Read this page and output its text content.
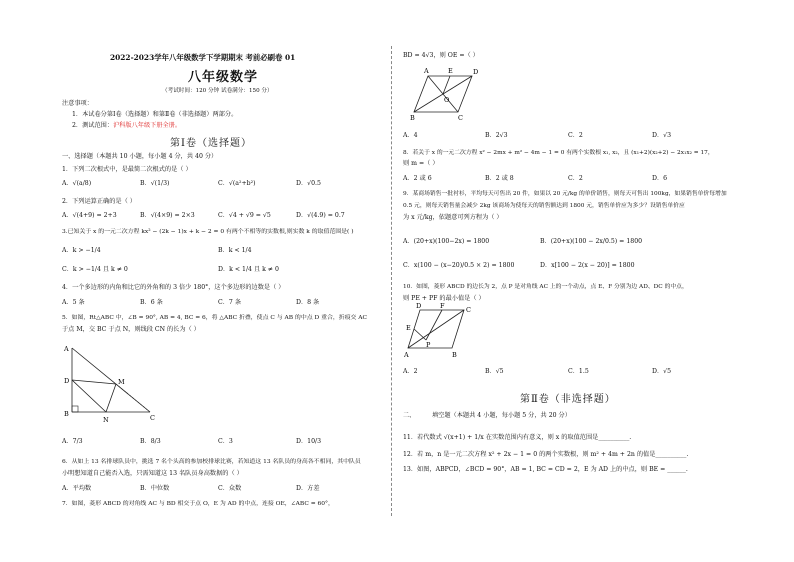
2022-2023学年八年级数学下学期期末 考前必刷卷 01
八年级数学
（考试时间：120 分钟 试卷满分：150 分）
注意事项：
1．本试卷分第Ⅰ卷（选择题）和第Ⅱ卷（非选择题）两部分。
2．测试范围：沪科版八年级下册全册。
第Ⅰ卷（选择题）
一、选择题（本题共 10 小题，每小题 4 分，共 40 分）
1．下列二次根式中，是最简二次根式的是（ ）
A．√(a/8)	B．√(1/3)	C．√(a²+b²)	D．√0.5
2．下列运算正确的是（ ）
A．√(4+9) = 2+3	B．√(4×9) = 2×3	C．√4 + √9 = √5	D．√(4.9) = 0.7
3.已知关于 x 的一元二次方程 kx² − (2k − 1)x + k − 2 = 0 有两个不相等的实数根,则实数 k 的取值范围是( )
A．k > −1/4	B．k < 1/4
C．k > −1/4 且 k ≠ 0	D．k < 1/4 且 k ≠ 0
4．一个多边形的内角和比它的外角和的 3 倍少 180°，这个多边形的边数是（ ）
A．5 条	B．6 条	C．7 条	D．8 条
5．如图，Rt△ABC 中，∠B = 90°, AB = 4, BC = 6，将 △ABC 折叠，使点 C 与 AB 的中点 D 重合，折痕交 AC
于点 M，交 BC 于点 N，则线段 CN 的长为（ ）
A
D	M
B
N	C
A．7/3	B．8/3	C．3	D．10/3
6．从如上 13 名排球队员中，挑选 7 名个头高的参加校排球比赛，若知道这 13 名队员的身高各不相同，其中队员
小明想知道自己能否入选，只需知道这 13 名队员身高数据的（ ）
A．平均数	B．中位数	C．众数	D．方差
7．如图，菱形 ABCD 的对角线 AC 与 BD 相交于点 O，E 为 AD 的中点，连接 OE，∠ABC = 60°，
BD = 4√3，则 OE =（ ）
A	E	D
O
B	C
A．4	B．2√3	C．2	D．√3
8．若关于 x 的一元二次方程 x² − 2mx + m² − 4m − 1 = 0 有两个实数根 x₁, x₂，且 (x₁+2)(x₂+2) − 2x₁x₂ = 17，
则 m =（ ）
A．2 或 6	B．2 或 8	C．2	D．6
9．某商场销售一批衬衫，平均每天可售出 20 件，如果以 20 元/kg 的单价销售，则每天可售出 100kg，如果销售单价每增加
0.5 元，则每天销售量会减少 2kg 该商场为使每天的销售额达到 1800 元，销售单价应为多少？设销售单价应
为 x 元/kg，依题意可列方程为（ ）
A．(20+x)(100−2x) = 1800	B．(20+x)(100 − 2x/0.5) = 1800
C．x(100 − (x−20)/0.5 × 2) = 1800	D．x[100 − 2(x − 20)] = 1800
10．如图，菱形 ABCD 的边长为 2，点 P 是对角线 AC 上的一个动点，点 E、F 分别为边 AD、DC 的中点，
则 PE + PF 的最小值是（ ）
D	F	C
E
P
A	B
A．2	B．√5	C．1.5	D．√5
第Ⅱ卷（非选择题）
二、	填空题（本题共 4 小题，每小题 5 分，共 20 分）
11．若代数式 √(x+1) + 1/x 在实数范围内有意义，则 x 的取值范围是__________.
12．若 m，n 是一元二次方程 x² + 2x − 1 = 0 的两个实数根，则 m² + 4m + 2n 的值是__________.
13．如图，ABPCD，∠BCD = 90°，AB = 1, BC = CD = 2，E 为 AD 上的中点，则 BE = ______.
